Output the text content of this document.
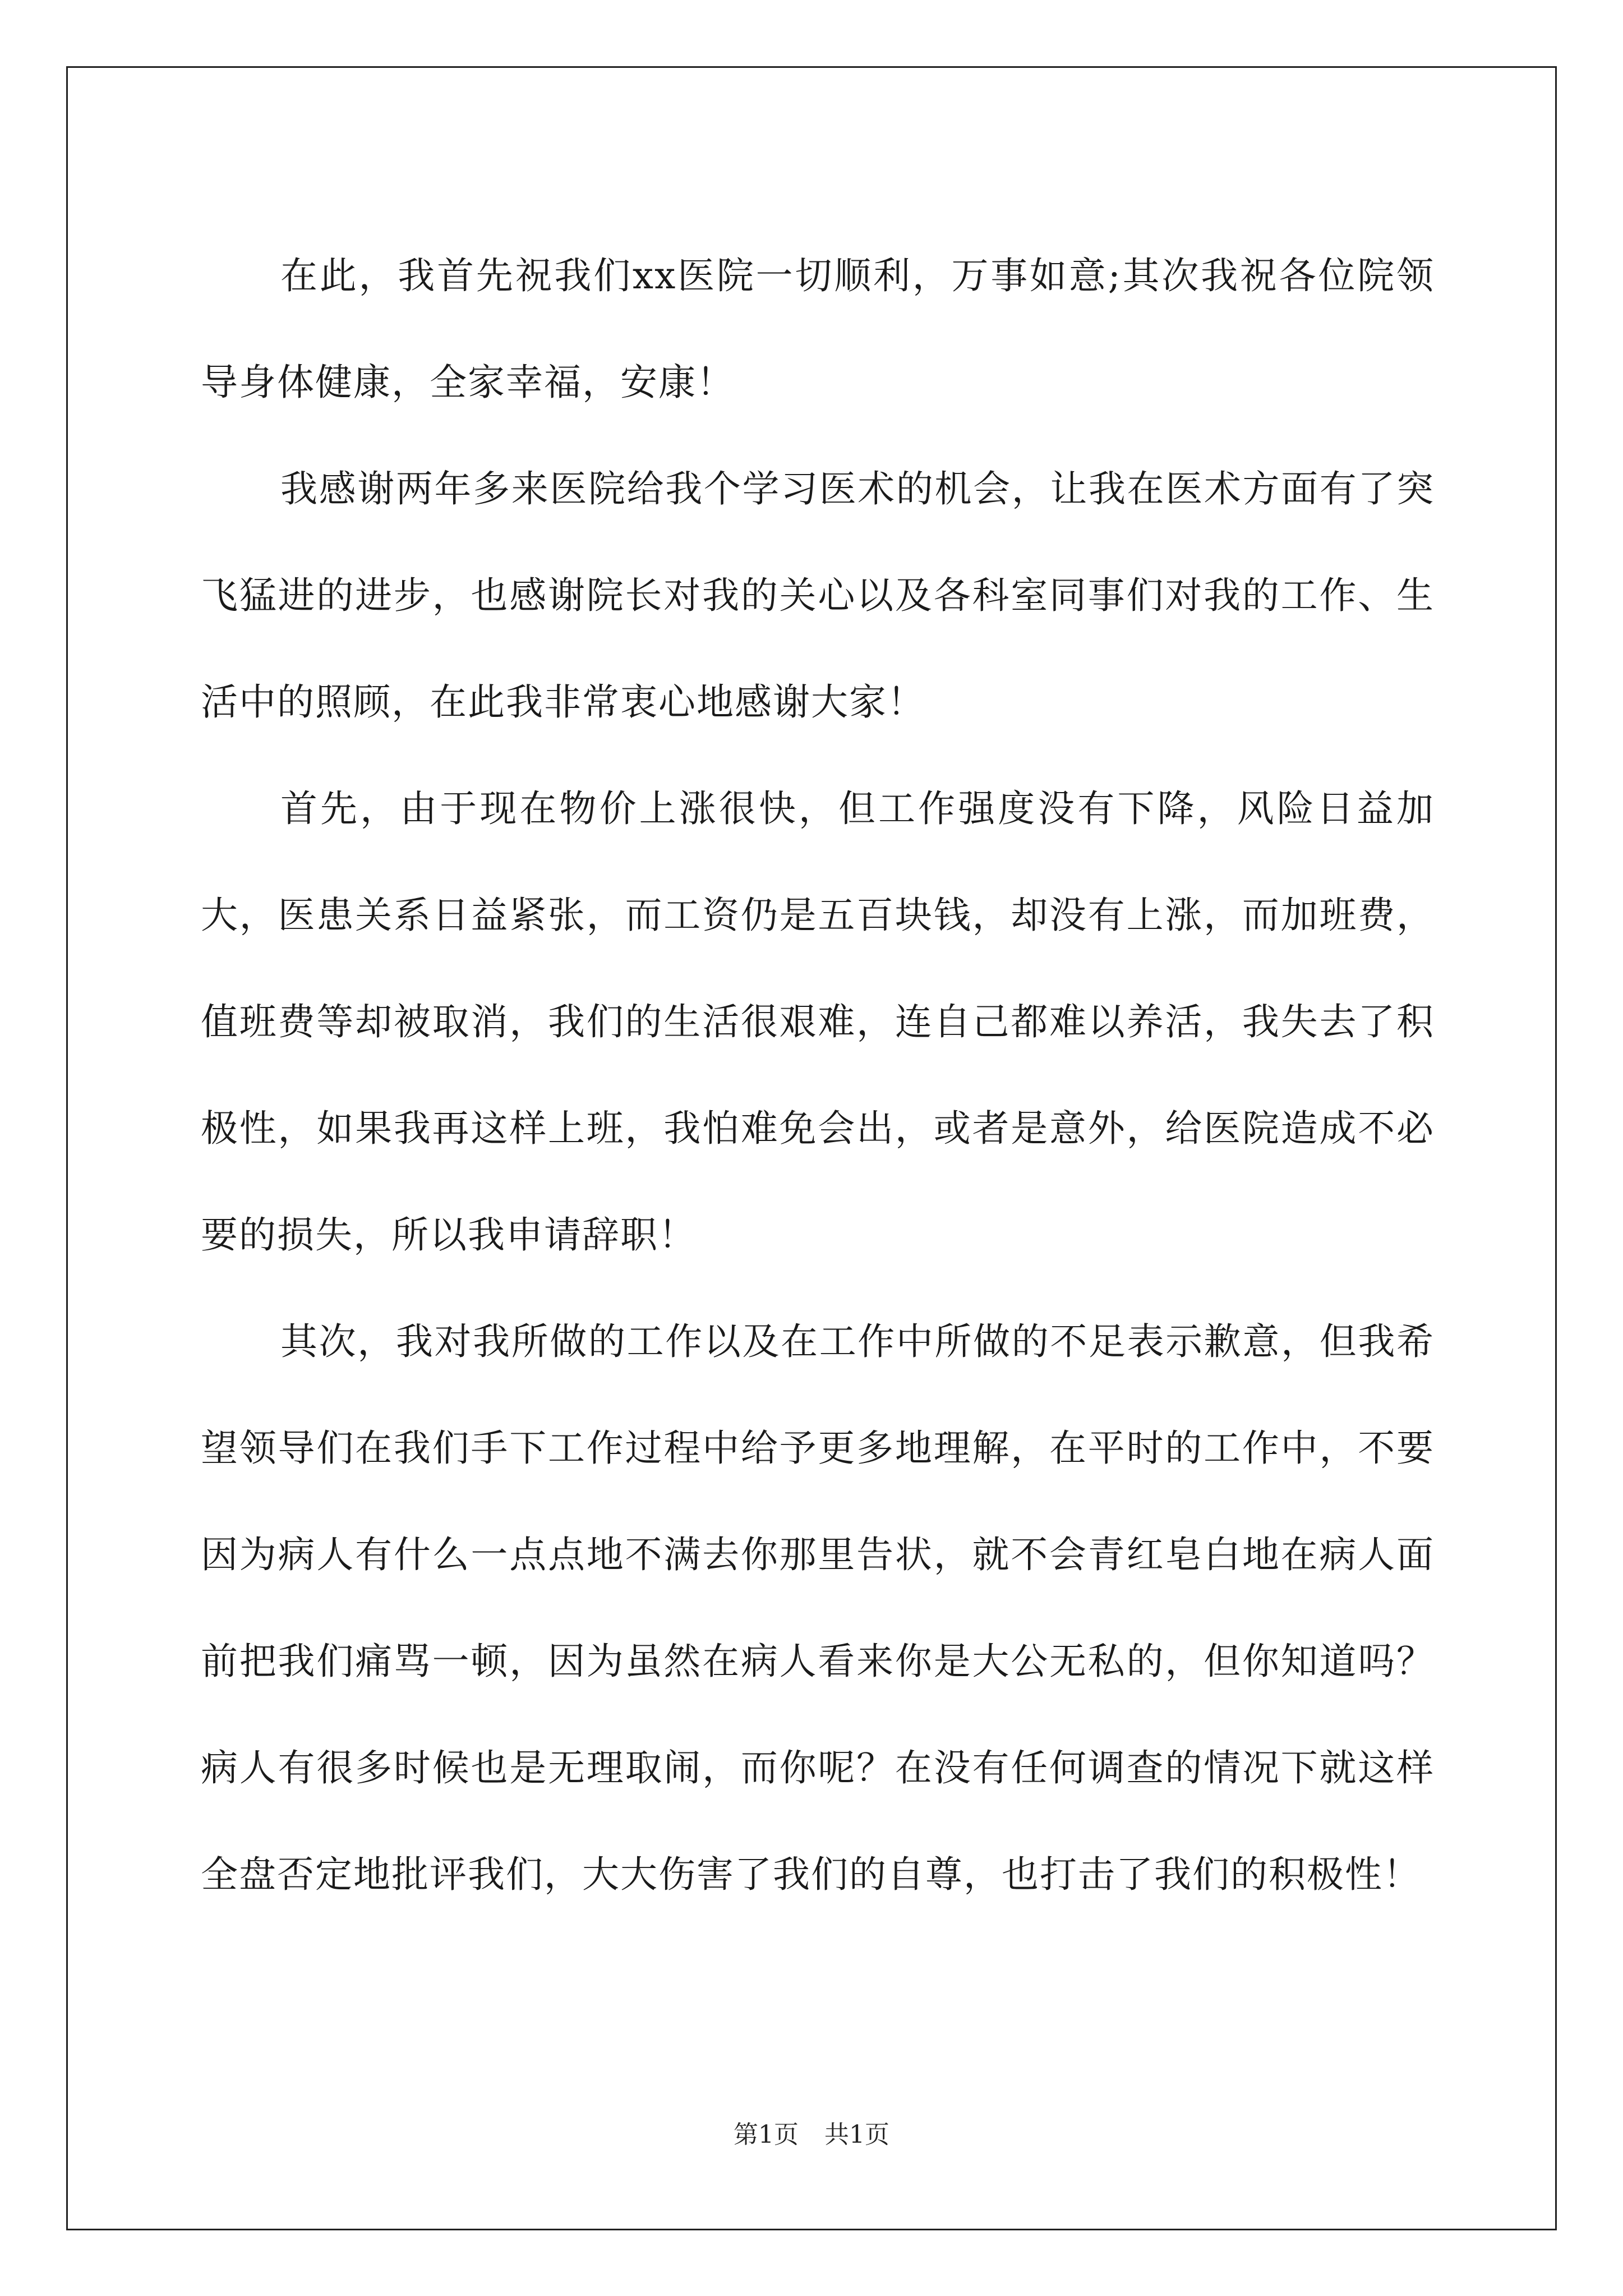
在此，我首先祝我们xx医院一切顺利，万事如意;其次我祝各位院领导身体健康，全家幸福，安康！

我感谢两年多来医院给我个学习医术的机会，让我在医术方面有了突飞猛进的进步，也感谢院长对我的关心以及各科室同事们对我的工作、生活中的照顾，在此我非常衷心地感谢大家！

首先，由于现在物价上涨很快，但工作强度没有下降，风险日益加大，医患关系日益紧张，而工资仍是五百块钱，却没有上涨，而加班费，值班费等却被取消，我们的生活很艰难，连自己都难以养活，我失去了积极性，如果我再这样上班，我怕难免会出，或者是意外，给医院造成不必要的损失，所以我申请辞职！

其次，我对我所做的工作以及在工作中所做的不足表示歉意，但我希望领导们在我们手下工作过程中给予更多地理解，在平时的工作中，不要因为病人有什么一点点地不满去你那里告状，就不会青红皂白地在病人面前把我们痛骂一顿，因为虽然在病人看来你是大公无私的，但你知道吗？病人有很多时候也是无理取闹，而你呢？在没有任何调查的情况下就这样全盘否定地批评我们，大大伤害了我们的自尊，也打击了我们的积极性！

第1页 共1页
